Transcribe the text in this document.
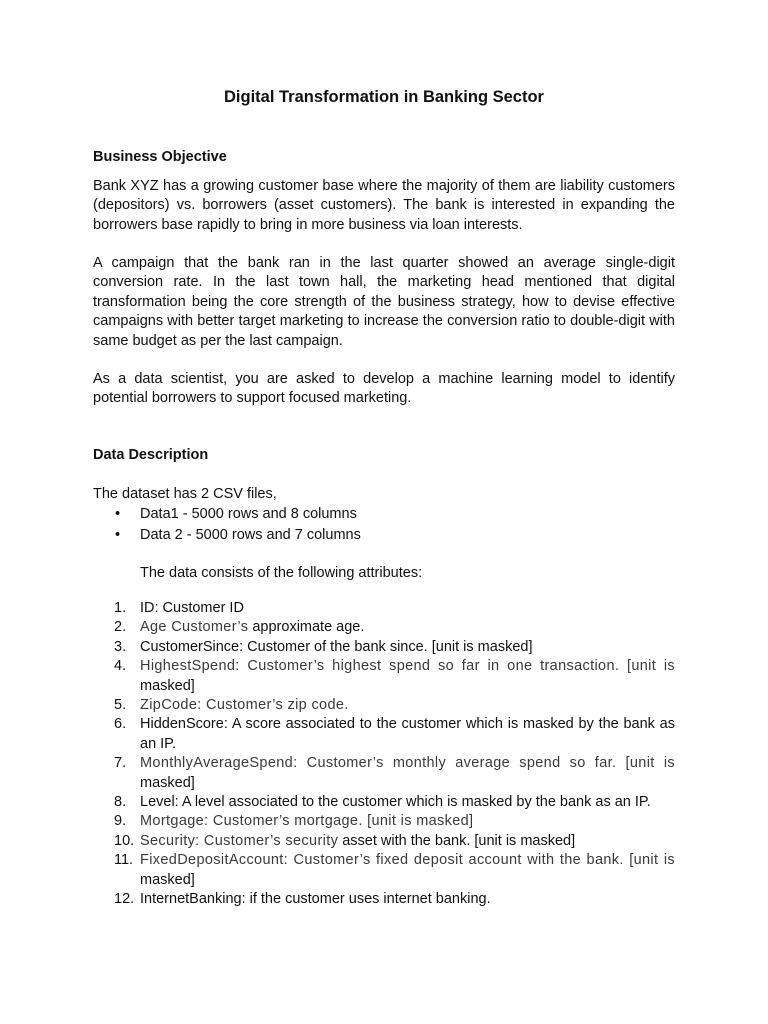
Digital Transformation in Banking Sector
Business Objective

Bank XYZ has a growing customer base where the majority of them are liability customers (depositors) vs. borrowers (asset customers). The bank is interested in expanding the borrowers base rapidly to bring in more business via loan interests.

A campaign that the bank ran in the last quarter showed an average single-digit conversion rate. In the last town hall, the marketing head mentioned that digital transformation being the core strength of the business strategy, how to devise effective campaigns with better target marketing to increase the conversion ratio to double-digit with same budget as per the last campaign.

As a data scientist, you are asked to develop a machine learning model to identify potential borrowers to support focused marketing.

Data Description

The dataset has 2 CSV files,

• Data1 - 5000 rows and 8 columns
• Data 2 - 5000 rows and 7 columns

The data consists of the following attributes:

1. ID: Customer ID
2. Age Customer’s approximate age.
3. CustomerSince: Customer of the bank since. [unit is masked]
4. HighestSpend: Customer’s highest spend so far in one transaction. [unit is masked]
5. ZipCode: Customer’s zip code.
6. HiddenScore: A score associated to the customer which is masked by the bank as an IP.
7. MonthlyAverageSpend: Customer’s monthly average spend so far. [unit is masked]
8. Level: A level associated to the customer which is masked by the bank as an IP.
9. Mortgage: Customer’s mortgage. [unit is masked]
10. Security: Customer’s security asset with the bank. [unit is masked]
11. FixedDepositAccount: Customer’s fixed deposit account with the bank. [unit is masked]
12. InternetBanking: if the customer uses internet banking.
